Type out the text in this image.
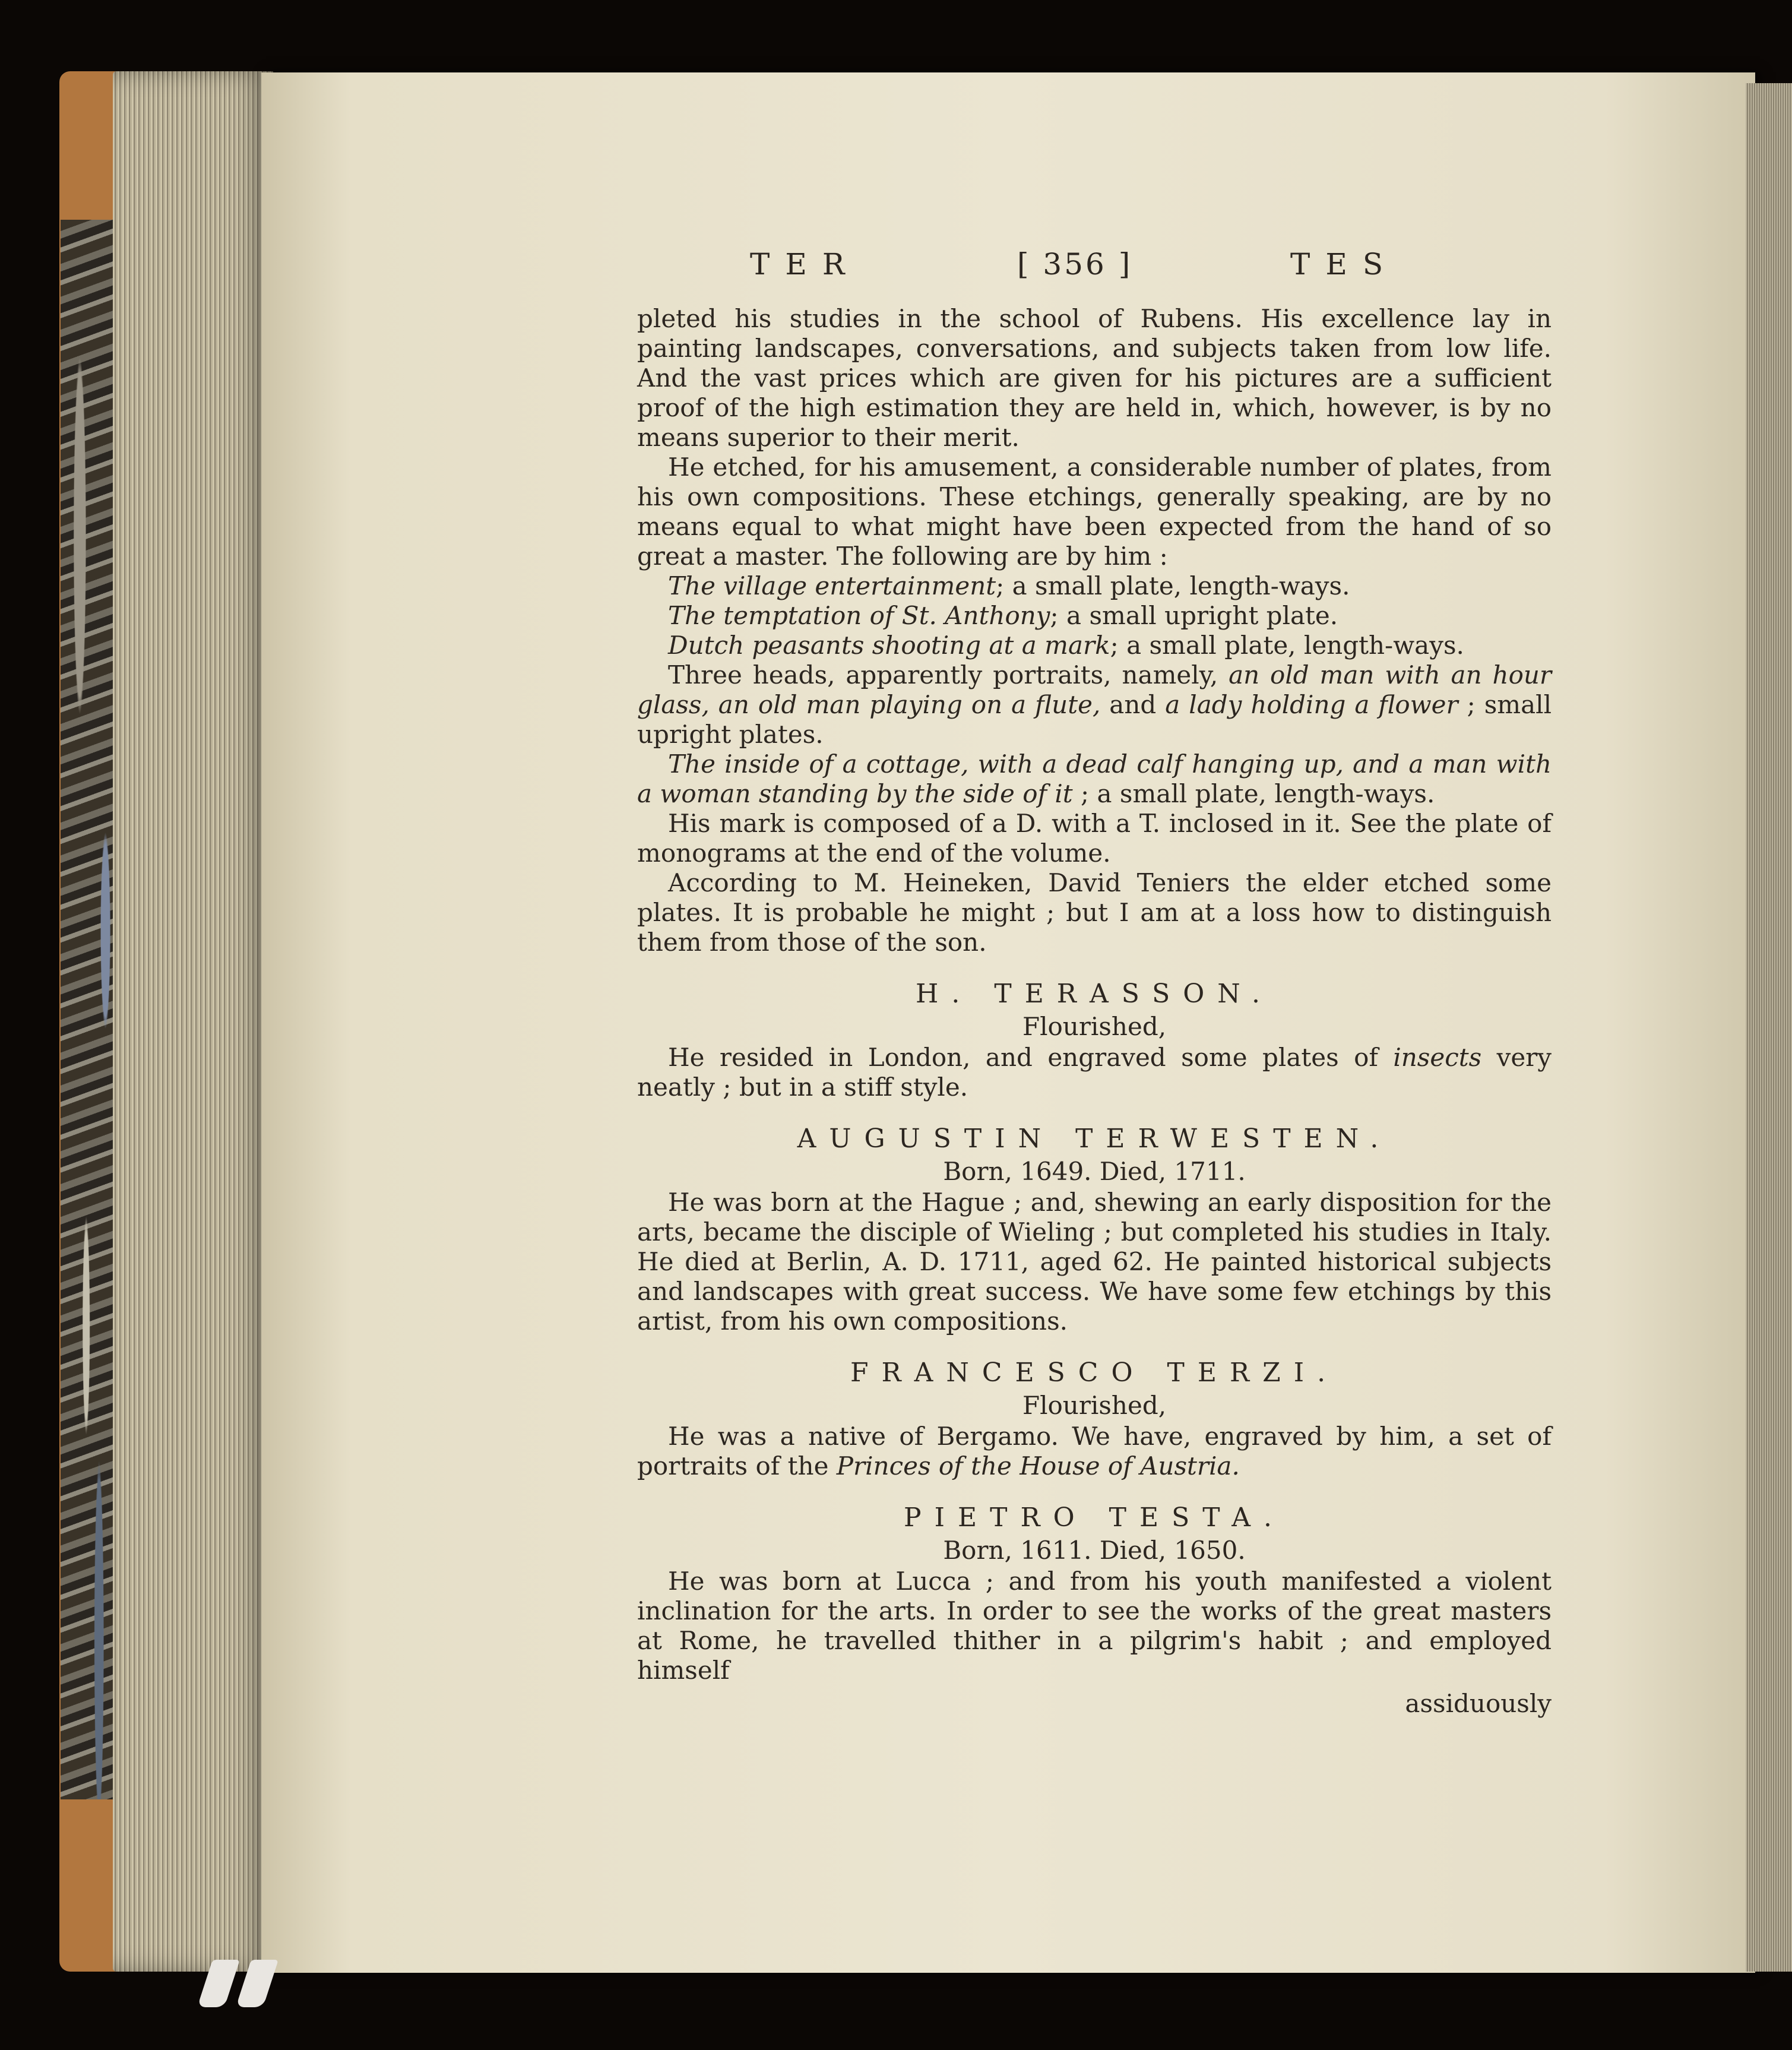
TER	[ 356 ]	TES

pleted his studies in the school of Rubens. His excellence lay in painting landscapes, conversations, and subjects taken from low life. And the vast prices which are given for his pictures are a sufficient proof of the high estimation they are held in, which, however, is by no means superior to their merit.

He etched, for his amusement, a considerable number of plates, from his own compositions. These etchings, generally speaking, are by no means equal to what might have been expected from the hand of so great a master. The following are by him :

The village entertainment; a small plate, length-ways.

The temptation of St. Anthony; a small upright plate.

Dutch peasants shooting at a mark; a small plate, length-ways.

Three heads, apparently portraits, namely, an old man with an hour glass, an old man playing on a flute, and a lady holding a flower ; small upright plates.

The inside of a cottage, with a dead calf hanging up, and a man with a woman standing by the side of it ; a small plate, length-ways.

His mark is composed of a D. with a T. inclosed in it. See the plate of monograms at the end of the volume.

According to M. Heineken, David Teniers the elder etched some plates. It is probable he might ; but I am at a loss how to distinguish them from those of the son.

H. TERASSON.
Flourished,

He resided in London, and engraved some plates of insects very neatly ; but in a stiff style.

AUGUSTIN TERWESTEN.
Born, 1649. Died, 1711.

He was born at the Hague ; and, shewing an early disposition for the arts, became the disciple of Wieling ; but completed his studies in Italy. He died at Berlin, A. D. 1711, aged 62. He painted historical subjects and landscapes with great success. We have some few etchings by this artist, from his own compositions.

FRANCESCO TERZI.
Flourished,

He was a native of Bergamo. We have, engraved by him, a set of portraits of the Princes of the House of Austria.

PIETRO TESTA.
Born, 1611. Died, 1650.

He was born at Lucca ; and from his youth manifested a violent inclination for the arts. In order to see the works of the great masters at Rome, he travelled thither in a pilgrim's habit ; and employed himself

assiduously
